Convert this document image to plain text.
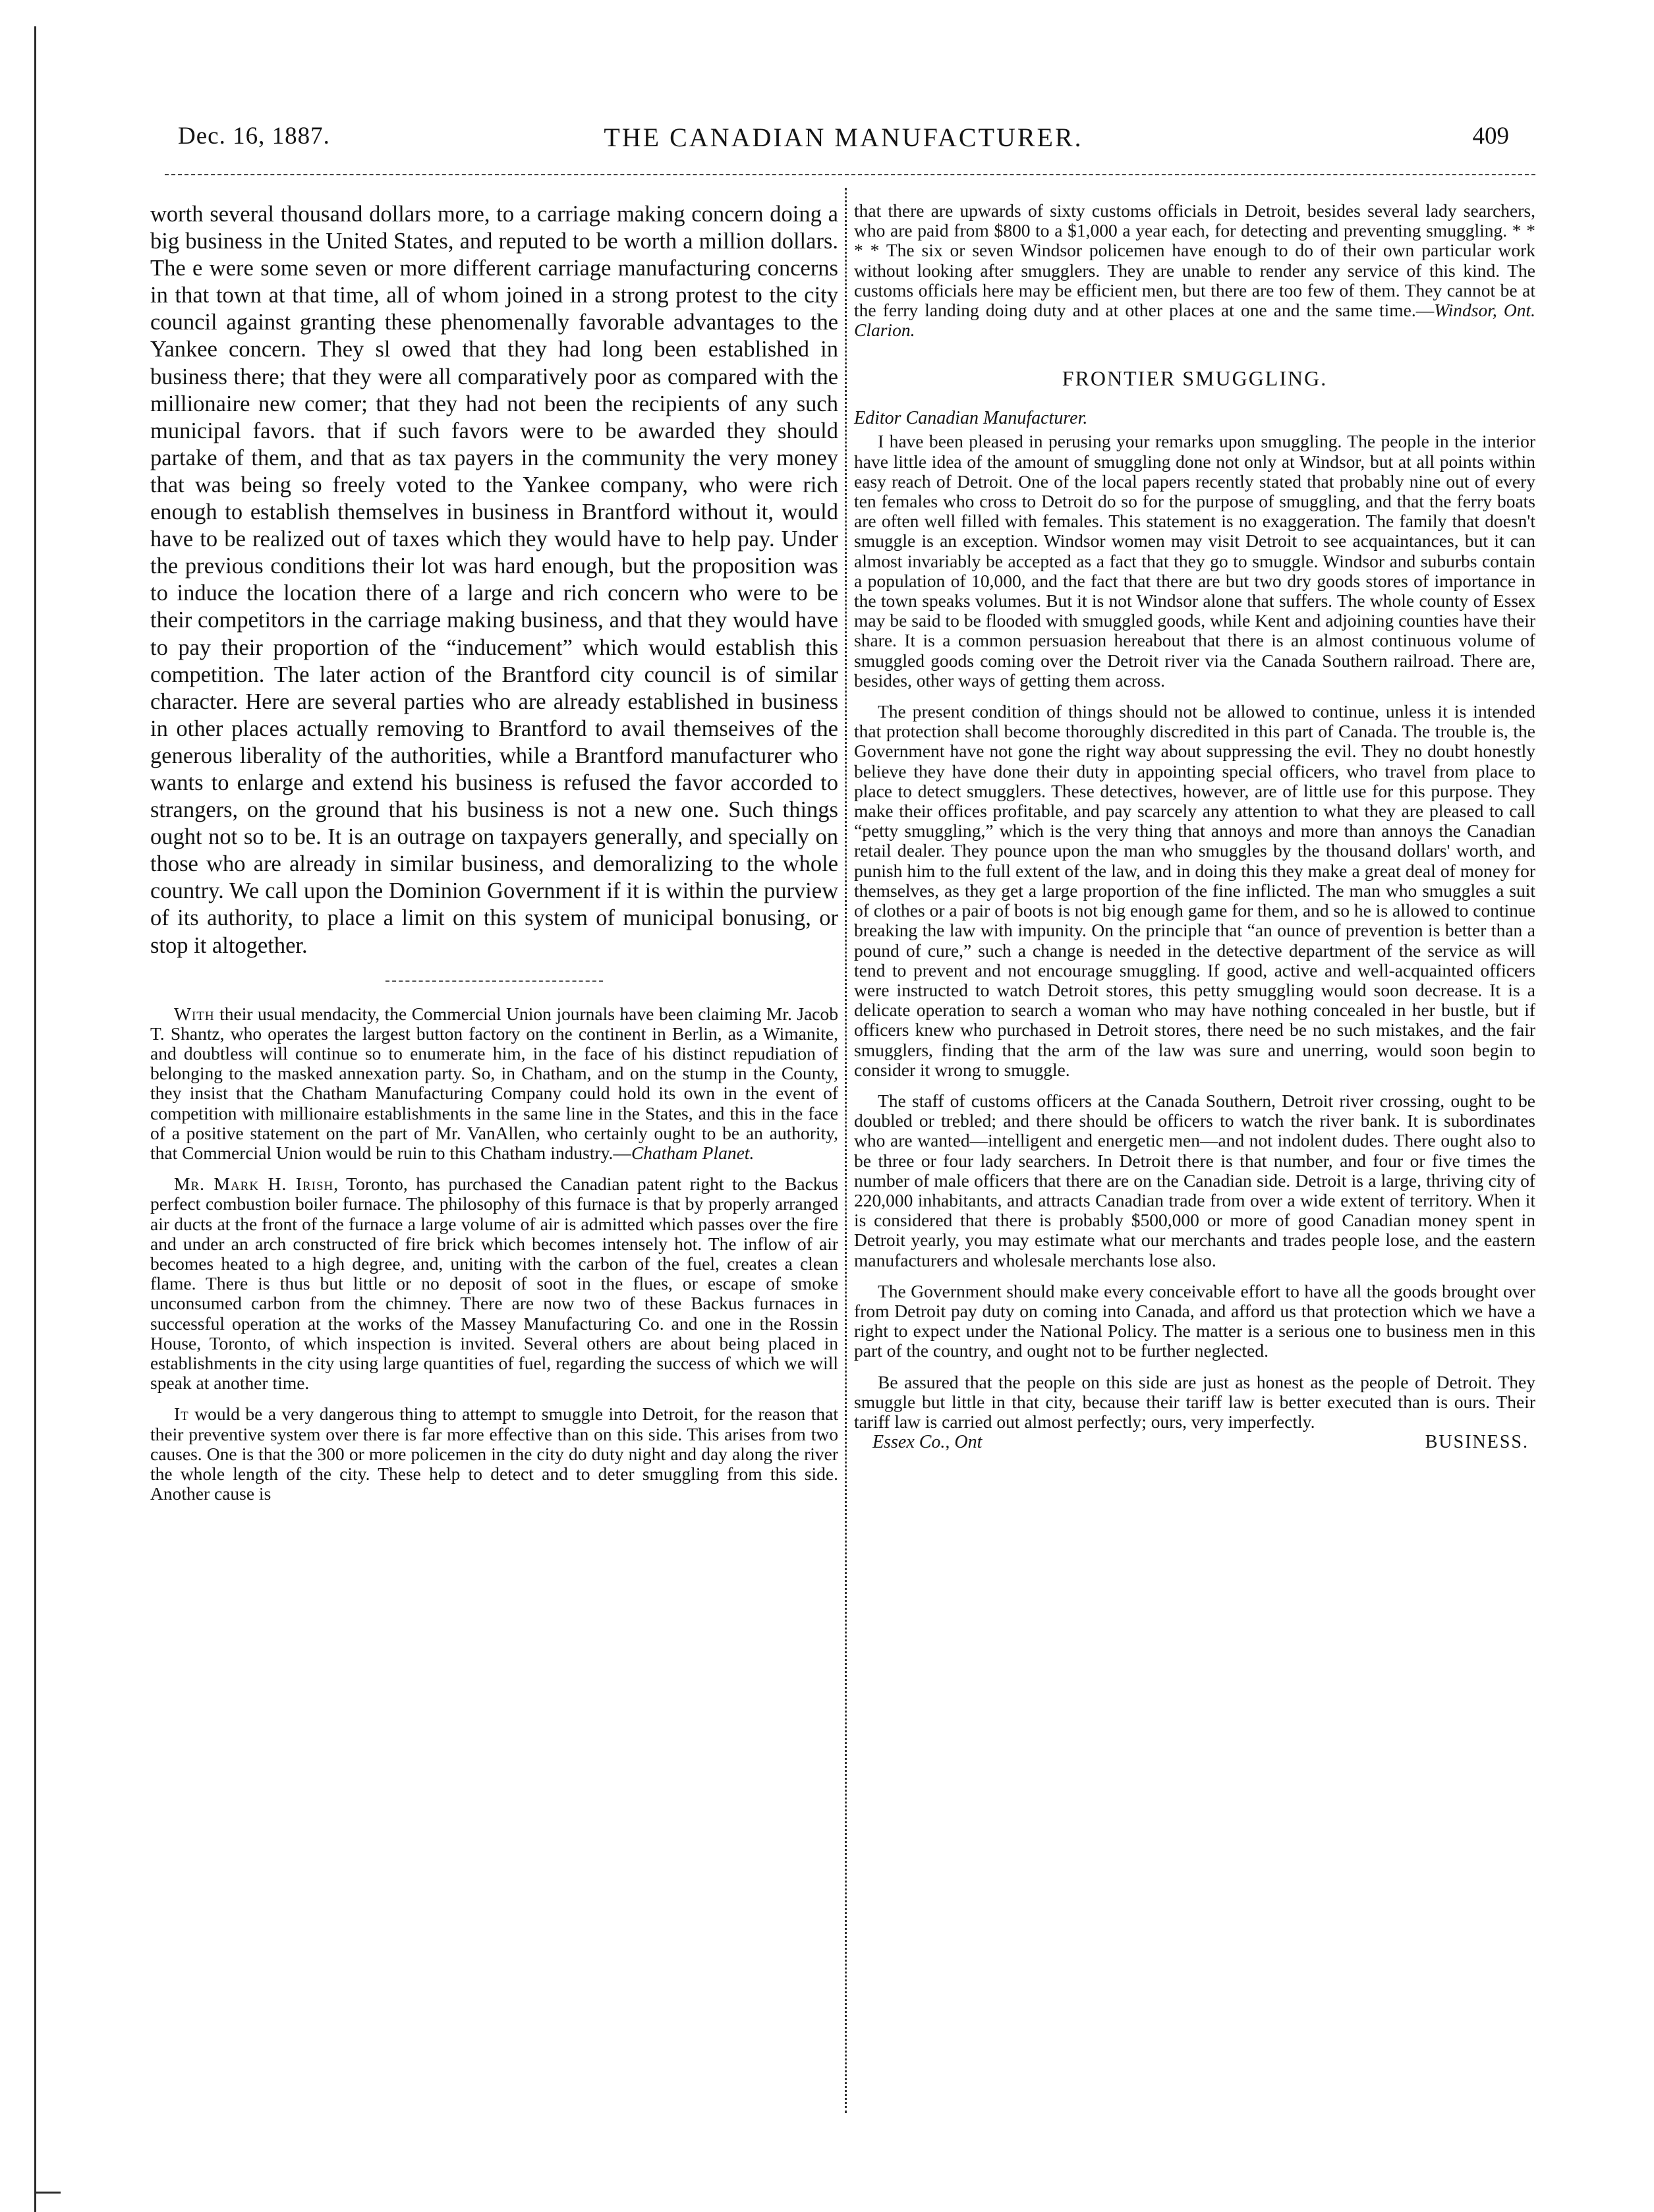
Dec. 16, 1887.	THE CANADIAN MANUFACTURER.	409

worth several thousand dollars more, to a carriage making concern doing a big business in the United States, and reputed to be worth a million dollars. The e were some seven or more different carriage manufacturing concerns in that town at that time, all of whom joined in a strong protest to the city council against granting these phenomenally favorable advantages to the Yankee concern. They sl owed that they had long been established in business there; that they were all comparatively poor as compared with the millionaire new comer; that they had not been the recipients of any such municipal favors. that if such favors were to be awarded they should partake of them, and that as tax payers in the community the very money that was being so freely voted to the Yankee company, who were rich enough to establish themselves in business in Brantford without it, would have to be realized out of taxes which they would have to help pay. Under the previous conditions their lot was hard enough, but the proposition was to induce the location there of a large and rich concern who were to be their competitors in the carriage making business, and that they would have to pay their proportion of the “inducement” which would establish this competition. The later action of the Brantford city council is of similar character. Here are several parties who are already established in business in other places actually removing to Brantford to avail themseives of the generous liberality of the authorities, while a Brantford manufacturer who wants to enlarge and extend his business is refused the favor accorded to strangers, on the ground that his business is not a new one. Such things ought not so to be. It is an outrage on taxpayers generally, and specially on those who are already in similar business, and demoralizing to the whole country. We call upon the Dominion Government if it is within the purview of its authority, to place a limit on this system of municipal bonusing, or stop it altogether.

With their usual mendacity, the Commercial Union journals have been claiming Mr. Jacob T. Shantz, who operates the largest button factory on the continent in Berlin, as a Wimanite, and doubtless will continue so to enumerate him, in the face of his distinct repudiation of belonging to the masked annexation party. So, in Chatham, and on the stump in the County, they insist that the Chatham Manufacturing Company could hold its own in the event of competition with millionaire establishments in the same line in the States, and this in the face of a positive statement on the part of Mr. VanAllen, who certainly ought to be an authority, that Commercial Union would be ruin to this Chatham industry.—Chatham Planet.

Mr. Mark H. Irish, Toronto, has purchased the Canadian patent right to the Backus perfect combustion boiler furnace. The philosophy of this furnace is that by properly arranged air ducts at the front of the furnace a large volume of air is admitted which passes over the fire and under an arch constructed of fire brick which becomes intensely hot. The inflow of air becomes heated to a high degree, and, uniting with the carbon of the fuel, creates a clean flame. There is thus but little or no deposit of soot in the flues, or escape of smoke unconsumed carbon from the chimney. There are now two of these Backus furnaces in successful operation at the works of the Massey Manufacturing Co. and one in the Rossin House, Toronto, of which inspection is invited. Several others are about being placed in establishments in the city using large quantities of fuel, regarding the success of which we will speak at another time.

It would be a very dangerous thing to attempt to smuggle into Detroit, for the reason that their preventive system over there is far more effective than on this side. This arises from two causes. One is that the 300 or more policemen in the city do duty night and day along the river the whole length of the city. These help to detect and to deter smuggling from this side. Another cause is

that there are upwards of sixty customs officials in Detroit, besides several lady searchers, who are paid from $800 to a $1,000 a year each, for detecting and preventing smuggling. * * * * The six or seven Windsor policemen have enough to do of their own particular work without looking after smugglers. They are unable to render any service of this kind. The customs officials here may be efficient men, but there are too few of them. They cannot be at the ferry landing doing duty and at other places at one and the same time.—Windsor, Ont. Clarion.

FRONTIER SMUGGLING.
Editor Canadian Manufacturer.

I have been pleased in perusing your remarks upon smuggling. The people in the interior have little idea of the amount of smuggling done not only at Windsor, but at all points within easy reach of Detroit. One of the local papers recently stated that probably nine out of every ten females who cross to Detroit do so for the purpose of smuggling, and that the ferry boats are often well filled with females. This statement is no exaggeration. The family that doesn't smuggle is an exception. Windsor women may visit Detroit to see acquaintances, but it can almost invariably be accepted as a fact that they go to smuggle. Windsor and suburbs contain a population of 10,000, and the fact that there are but two dry goods stores of importance in the town speaks volumes. But it is not Windsor alone that suffers. The whole county of Essex may be said to be flooded with smuggled goods, while Kent and adjoining counties have their share. It is a common persuasion hereabout that there is an almost continuous volume of smuggled goods coming over the Detroit river via the Canada Southern railroad. There are, besides, other ways of getting them across.

The present condition of things should not be allowed to continue, unless it is intended that protection shall become thoroughly discredited in this part of Canada. The trouble is, the Government have not gone the right way about suppressing the evil. They no doubt honestly believe they have done their duty in appointing special officers, who travel from place to place to detect smugglers. These detectives, however, are of little use for this purpose. They make their offices profitable, and pay scarcely any attention to what they are pleased to call “petty smuggling,” which is the very thing that annoys and more than annoys the Canadian retail dealer. They pounce upon the man who smuggles by the thousand dollars' worth, and punish him to the full extent of the law, and in doing this they make a great deal of money for themselves, as they get a large proportion of the fine inflicted. The man who smuggles a suit of clothes or a pair of boots is not big enough game for them, and so he is allowed to continue breaking the law with impunity. On the principle that “an ounce of prevention is better than a pound of cure,” such a change is needed in the detective department of the service as will tend to prevent and not encourage smuggling. If good, active and well-acquainted officers were instructed to watch Detroit stores, this petty smuggling would soon decrease. It is a delicate operation to search a woman who may have nothing concealed in her bustle, but if officers knew who purchased in Detroit stores, there need be no such mistakes, and the fair smugglers, finding that the arm of the law was sure and unerring, would soon begin to consider it wrong to smuggle.

The staff of customs officers at the Canada Southern, Detroit river crossing, ought to be doubled or trebled; and there should be officers to watch the river bank. It is subordinates who are wanted—intelligent and energetic men—and not indolent dudes. There ought also to be three or four lady searchers. In Detroit there is that number, and four or five times the number of male officers that there are on the Canadian side. Detroit is a large, thriving city of 220,000 inhabitants, and attracts Canadian trade from over a wide extent of territory. When it is considered that there is probably $500,000 or more of good Canadian money spent in Detroit yearly, you may estimate what our merchants and trades people lose, and the eastern manufacturers and wholesale merchants lose also.

The Government should make every conceivable effort to have all the goods brought over from Detroit pay duty on coming into Canada, and afford us that protection which we have a right to expect under the National Policy. The matter is a serious one to business men in this part of the country, and ought not to be further neglected.

Be assured that the people on this side are just as honest as the people of Detroit. They smuggle but little in that city, because their tariff law is better executed than is ours. Their tariff law is carried out almost perfectly; ours, very imperfectly.

Essex Co., Ont	BUSINESS.
